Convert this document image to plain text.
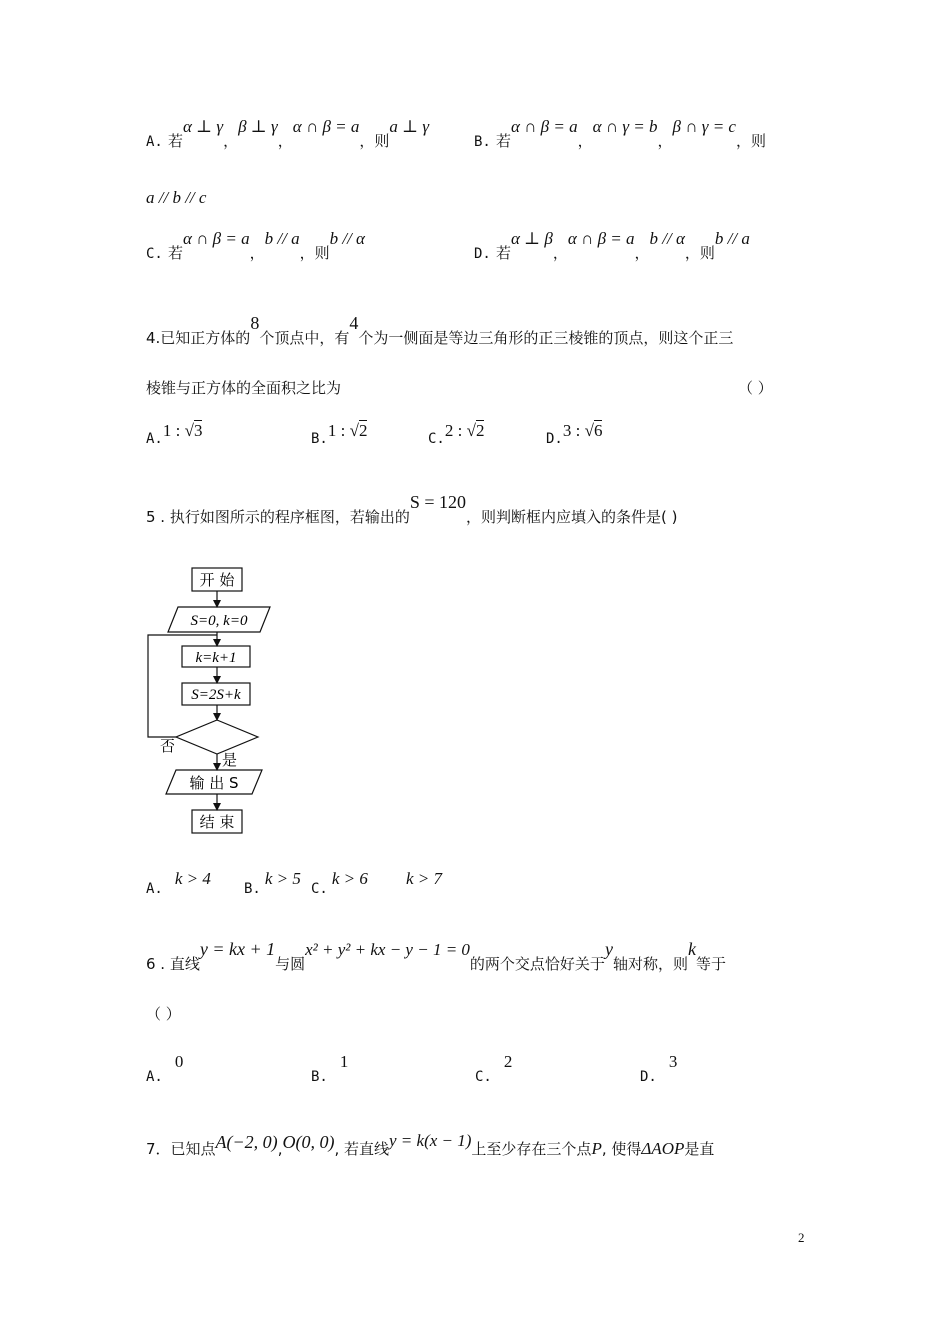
A. 若α ⊥ γ，β ⊥ γ，α ∩ β = a，则a ⊥ γ
B. 若α ∩ β = a，α ∩ γ = b，β ∩ γ = c，则
a // b // c
C. 若α ∩ β = a，b // a，则b // α
D. 若α ⊥ β，α ∩ β = a，b // α，则b // a
4.已知正方体的8个顶点中，有4个为一侧面是等边三角形的正三棱锥的顶点，则这个正三
棱锥与正方体的全面积之比为	（ ）
A.1 : √3	B.1 : √2	C.2 : √2	D.3 : √6
5 . 执行如图所示的程序框图，若输出的S = 120，则判断框内应填入的条件是( )
开 始
S=0, k=0
k=k+1
S=2S+k
否
是
输 出 S
结 束
A.k > 4
B.k > 5
C.k > 6	k > 7
6 . 直线y = kx + 1与圆x² + y² + kx − y − 1 = 0的两个交点恰好关于y轴对称，则k等于
（ ）
A.0
B.1
C.2
D.3
7．已知点A(−2, 0),O(0, 0), 若直线y = k(x − 1)上至少存在三个点P, 使得ΔAOP是直
2
